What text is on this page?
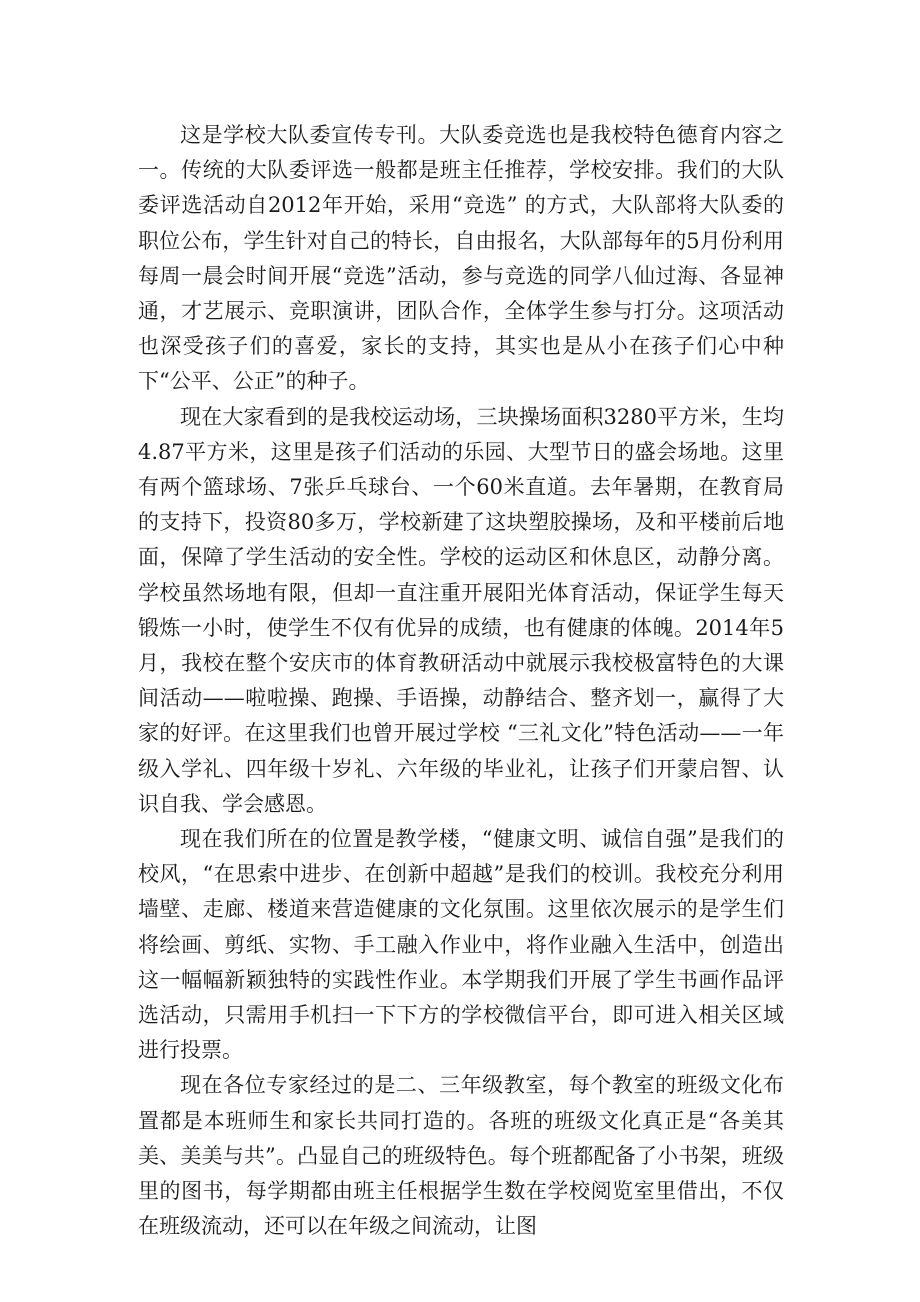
这是学校大队委宣传专刊。大队委竞选也是我校特色德育内容之一。传统的大队委评选一般都是班主任推荐，学校安排。我们的大队委评选活动自2012年开始，采用“竞选” 的方式，大队部将大队委的职位公布，学生针对自己的特长，自由报名，大队部每年的5月份利用每周一晨会时间开展“竞选”活动，参与竞选的同学八仙过海、各显神通，才艺展示、竞职演讲，团队合作，全体学生参与打分。这项活动也深受孩子们的喜爱，家长的支持，其实也是从小在孩子们心中种下“公平、公正”的种子。

现在大家看到的是我校运动场，三块操场面积3280平方米，生均4.87平方米，这里是孩子们活动的乐园、大型节日的盛会场地。这里有两个篮球场、7张乒乓球台、一个60米直道。去年暑期，在教育局的支持下，投资80多万，学校新建了这块塑胶操场，及和平楼前后地面，保障了学生活动的安全性。学校的运动区和休息区，动静分离。学校虽然场地有限，但却一直注重开展阳光体育活动，保证学生每天锻炼一小时，使学生不仅有优异的成绩，也有健康的体魄。2014年5月，我校在整个安庆市的体育教研活动中就展示我校极富特色的大课间活动——啦啦操、跑操、手语操，动静结合、整齐划一，赢得了大家的好评。在这里我们也曾开展过学校 “三礼文化”特色活动——一年级入学礼、四年级十岁礼、六年级的毕业礼，让孩子们开蒙启智、认识自我、学会感恩。

现在我们所在的位置是教学楼，“健康文明、诚信自强”是我们的校风，“在思索中进步、在创新中超越”是我们的校训。我校充分利用墙壁、走廊、楼道来营造健康的文化氛围。这里依次展示的是学生们将绘画、剪纸、实物、手工融入作业中，将作业融入生活中，创造出这一幅幅新颖独特的实践性作业。本学期我们开展了学生书画作品评选活动，只需用手机扫一下下方的学校微信平台，即可进入相关区域进行投票。

现在各位专家经过的是二、三年级教室，每个教室的班级文化布置都是本班师生和家长共同打造的。各班的班级文化真正是“各美其美、美美与共”。凸显自己的班级特色。每个班都配备了小书架，班级里的图书，每学期都由班主任根据学生数在学校阅览室里借出，不仅在班级流动，还可以在年级之间流动，让图
